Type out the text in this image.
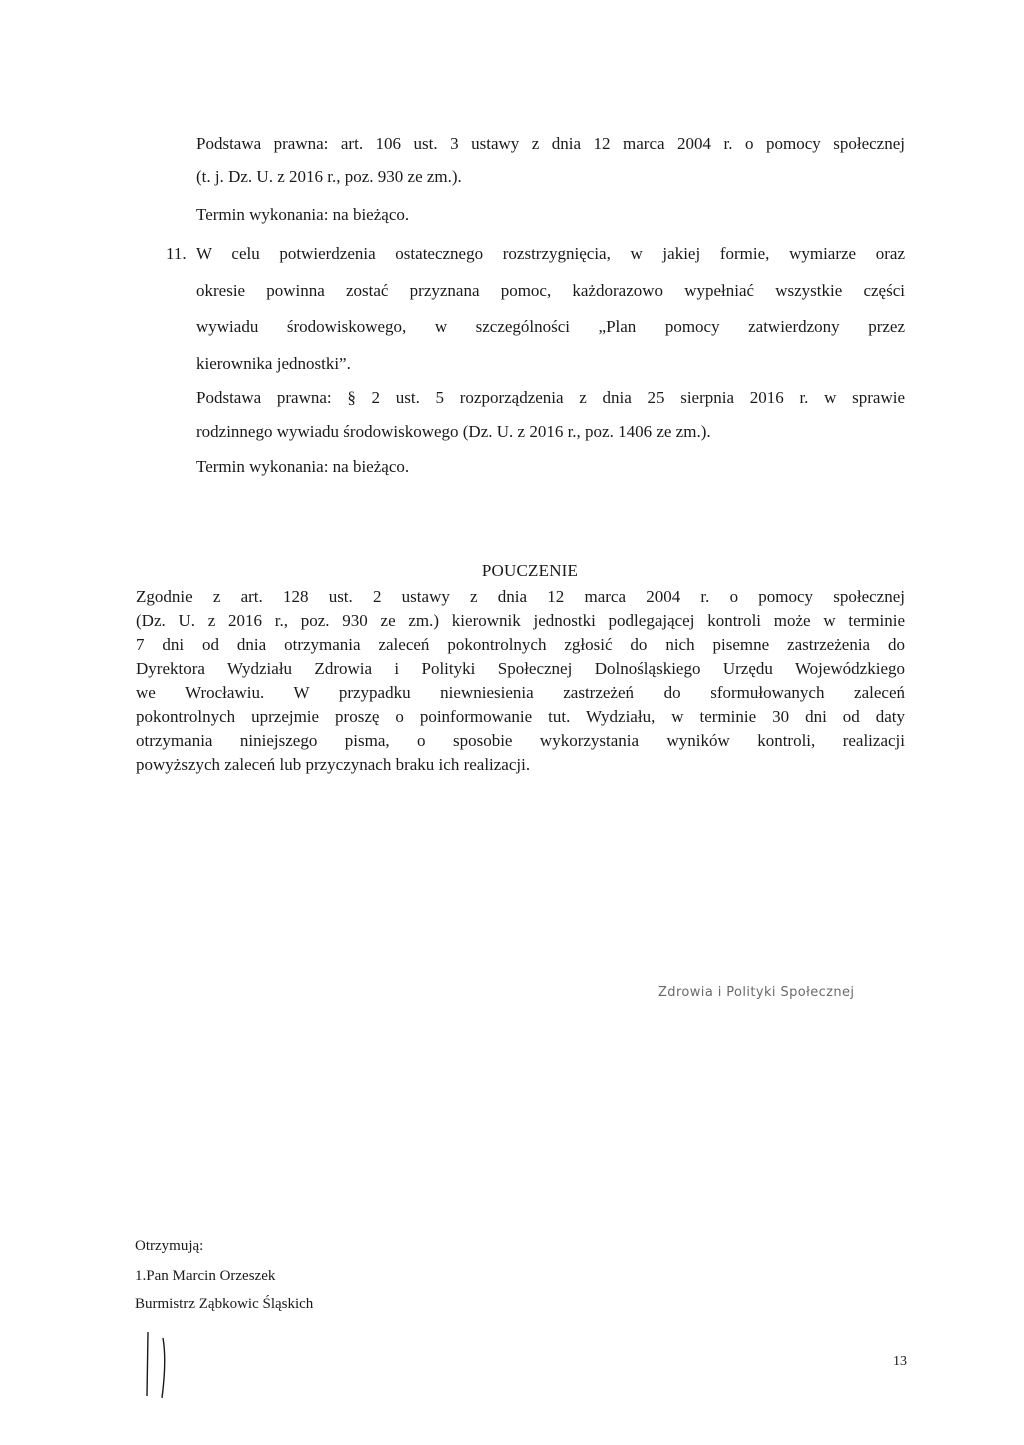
Podstawa prawna: art. 106 ust. 3 ustawy z dnia 12 marca 2004 r. o pomocy społecznej

(t. j. Dz. U. z 2016 r., poz. 930 ze zm.).

Termin wykonania: na bieżąco.

11. W celu potwierdzenia ostatecznego rozstrzygnięcia, w jakiej formie, wymiarze oraz

okresie powinna zostać przyznana pomoc, każdorazowo wypełniać wszystkie części

wywiadu środowiskowego, w szczególności „Plan pomocy zatwierdzony przez

kierownika jednostki”.

Podstawa prawna: § 2 ust. 5 rozporządzenia z dnia 25 sierpnia 2016 r. w sprawie

rodzinnego wywiadu środowiskowego (Dz. U. z 2016 r., poz. 1406 ze zm.).

Termin wykonania: na bieżąco.

POUCZENIE

Zgodnie z art. 128 ust. 2 ustawy z dnia 12 marca 2004 r. o pomocy społecznej

(Dz. U. z 2016 r., poz. 930 ze zm.) kierownik jednostki podlegającej kontroli może w terminie

7 dni od dnia otrzymania zaleceń pokontrolnych zgłosić do nich pisemne zastrzeżenia do

Dyrektora Wydziału Zdrowia i Polityki Społecznej Dolnośląskiego Urzędu Wojewódzkiego

we Wrocławiu. W przypadku niewniesienia zastrzeżeń do sformułowanych zaleceń

pokontrolnych uprzejmie proszę o poinformowanie tut. Wydziału, w terminie 30 dni od daty

otrzymania niniejszego pisma, o sposobie wykorzystania wyników kontroli, realizacji

powyższych zaleceń lub przyczynach braku ich realizacji.

Zdrowia i Polityki Społecznej
Otrzymują:
1.Pan Marcin Orzeszek
Burmistrz Ząbkowic Śląskich
13
